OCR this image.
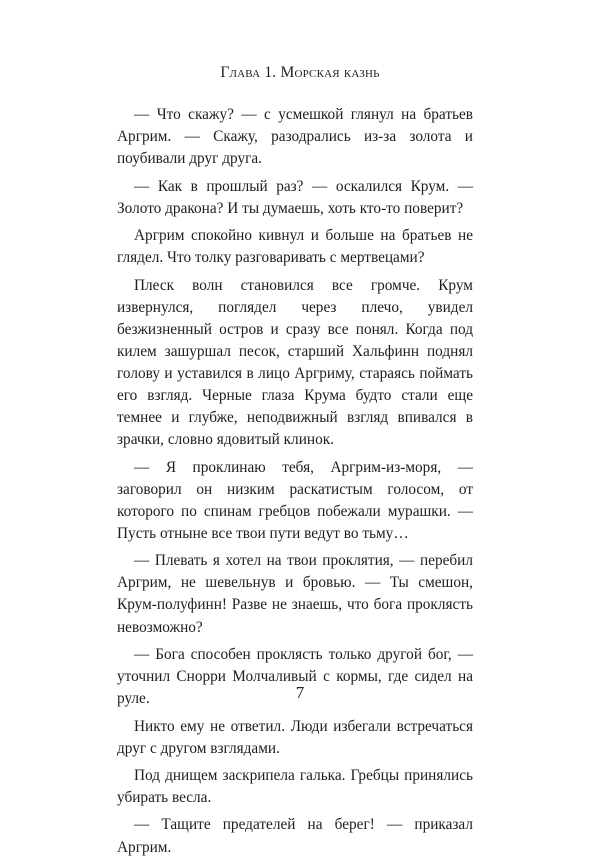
Глава 1. Морская казнь

— Что скажу? — с усмешкой глянул на братьев Аргрим. — Скажу, разодрались из-за золота и поубивали друг друга.

— Как в прошлый раз? — оскалился Крум. — Золото дракона? И ты думаешь, хоть кто-то поверит?

Аргрим спокойно кивнул и больше на братьев не глядел. Что толку разговаривать с мертвецами?

Плеск волн становился все громче. Крум извернулся, поглядел через плечо, увидел безжизненный остров и сразу все понял. Когда под килем зашуршал песок, старший Хальфинн поднял голову и уставился в лицо Аргриму, стараясь поймать его взгляд. Черные глаза Крума будто стали еще темнее и глубже, неподвижный взгляд впивался в зрачки, словно ядовитый клинок.

— Я проклинаю тебя, Аргрим-из-моря, — заговорил он низким раскатистым голосом, от которого по спинам гребцов побежали мурашки. — Пусть отныне все твои пути ведут во тьму…

— Плевать я хотел на твои проклятия, — перебил Аргрим, не шевельнув и бровью. — Ты смешон, Крум-полуфинн! Разве не знаешь, что бога проклясть невозможно?

— Бога способен проклясть только другой бог, — уточнил Снорри Молчаливый с кормы, где сидел на руле.

Никто ему не ответил. Люди избегали встречаться друг с другом взглядами.

Под днищем заскрипела галька. Гребцы принялись убирать весла.

— Тащите предателей на берег! — приказал Аргрим.

7
